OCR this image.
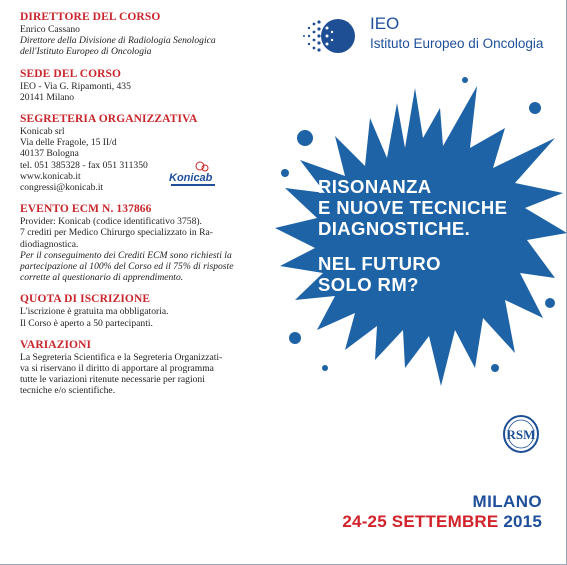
DIRETTORE DEL CORSO
Enrico Cassano
Direttore della Divisione di Radiologia Senologica
dell'Istituto Europeo di Oncologia
SEDE DEL CORSO
IEO - Via G. Ripamonti, 435
20141 Milano
SEGRETERIA ORGANIZZATIVA
Konicab srl
Via delle Fragole, 15 II/d
40137 Bologna
tel. 051 385328 - fax 051 311350
www.konicab.it
congressi@konicab.it
EVENTO ECM N. 137866
Provider: Konicab (codice identificativo 3758).
7 crediti per Medico Chirurgo specializzato in Ra-
diodiagnostica.
Per il conseguimento dei Crediti ECM sono richiesti la
partecipazione al 100% del Corso ed il 75% di risposte
corrette al questionario di apprendimento.
QUOTA DI ISCRIZIONE
L'iscrizione è gratuita ma obbligatoria.
Il Corso è aperto a 50 partecipanti.
VARIAZIONI
La Segreteria Scientifica e la Segreteria Organizzati-
va si riservano il diritto di apportare al programma
tutte le variazioni ritenute necessarie per ragioni
tecniche e/o scientifiche.
Konicab
IEO
Istituto Europeo di Oncologia
RISONANZA
E NUOVE TECNICHE
DIAGNOSTICHE.
NEL FUTURO
SOLO RM?
RSM
MILANO
24-25 SETTEMBRE 2015
